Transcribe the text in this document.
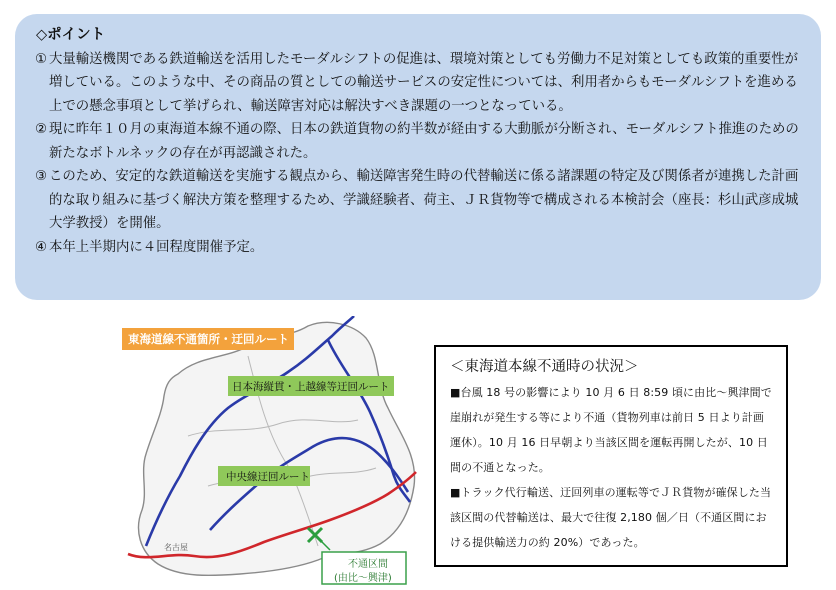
◇ポイント
① 大量輸送機関である鉄道輸送を活用したモーダルシフトの促進は、環境対策としても労働力不足対策としても政策的重要性が増している。このような中、その商品の質としての輸送サービスの安定性については、利用者からもモーダルシフトを進める上での懸念事項として挙げられ、輸送障害対応は解決すべき課題の一つとなっている。
② 現に昨年１０月の東海道本線不通の際、日本の鉄道貨物の約半数が経由する大動脈が分断され、モーダルシフト推進のための新たなボトルネックの存在が再認識された。
③ このため、安定的な鉄道輸送を実施する観点から、輸送障害発生時の代替輸送に係る諸課題の特定及び関係者が連携した計画的な取り組みに基づく解決方策を整理するため、学識経験者、荷主、ＪＲ貨物等で構成される本検討会（座長：杉山武彦成城大学教授）を開催。
④ 本年上半期内に４回程度開催予定。
東海道線不通箇所・迂回ルート
日本海縦貫・上越線等迂回ルート
中央線迂回ルート
名古屋
不通区間
(由比～興津)
＜東海道本線不通時の状況＞
■台風 18 号の影響により 10 月 6 日 8:59 頃に由比～興津間で崖崩れが発生する等により不通（貨物列車は前日 5 日より計画運休）。10 月 16 日早朝より当該区間を運転再開したが、10 日間の不通となった。
■トラック代行輸送、迂回列車の運転等でＪＲ貨物が確保した当該区間の代替輸送は、最大で往復 2,180 個／日（不通区間における提供輸送力の約 20%）であった。
